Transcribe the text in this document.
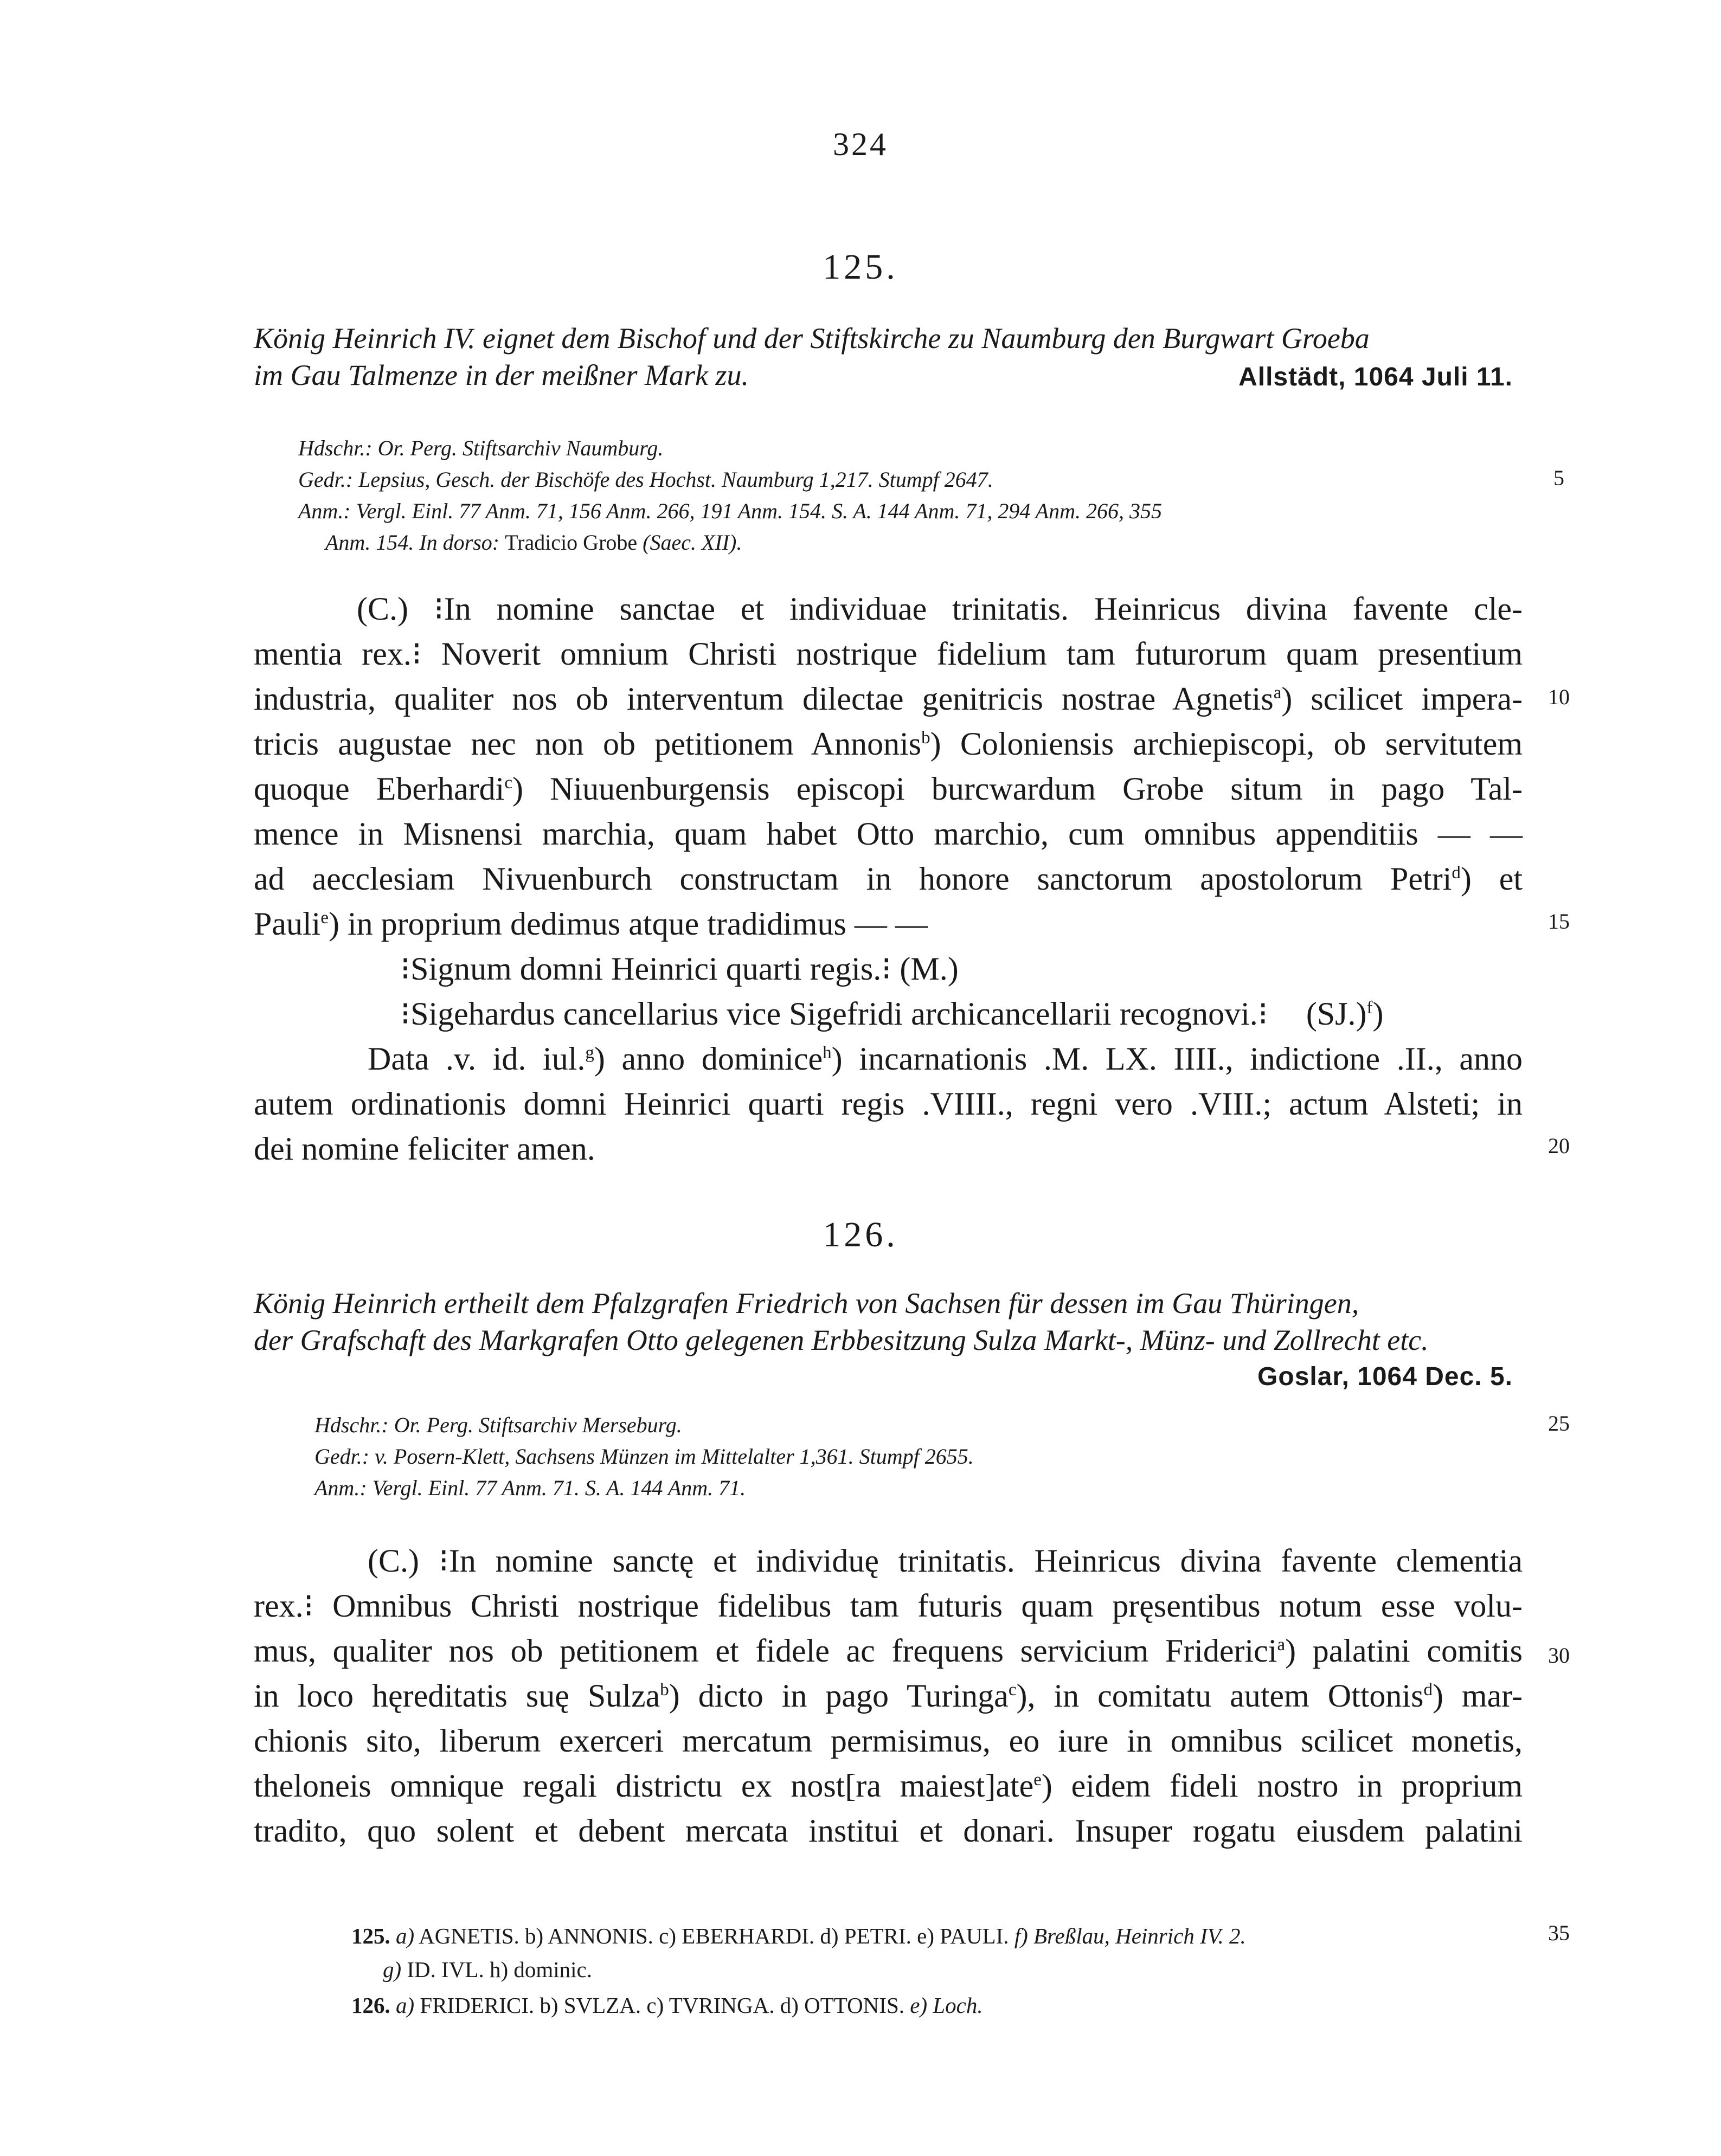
324
125.
König Heinrich IV. eignet dem Bischof und der Stiftskirche zu Naumburg den Burgwart Groeba
im Gau Talmenze in der meißner Mark zu.	Allstädt, 1064 Juli 11.
Hdschr.: Or. Perg. Stiftsarchiv Naumburg.
Gedr.: Lepsius, Gesch. der Bischöfe des Hochst. Naumburg 1,217. Stumpf 2647.
Anm.: Vergl. Einl. 77 Anm. 71, 156 Anm. 266, 191 Anm. 154. S. A. 144 Anm. 71, 294 Anm. 266, 355
Anm. 154. In dorso: Tradicio Grobe (Saec. XII).
5
(C.) ⁝In nomine sanctae et individuae trinitatis. Heinricus divina favente cle-
mentia rex.⁝ Noverit omnium Christi nostrique fidelium tam futurorum quam presentium
industria, qualiter nos ob interventum dilectae genitricis nostrae Agnetis$^a$) scilicet impera-
tricis augustae nec non ob petitionem Annonis$^b$) Coloniensis archiepiscopi, ob servitutem
quoque Eberhardi$^c$) Niuuenburgensis episcopi burcwardum Grobe situm in pago Tal-
mence in Misnensi marchia, quam habet Otto marchio, cum omnibus appenditiis — —
ad aecclesiam Nivuenburch constructam in honore sanctorum apostolorum Petri$^d$) et
Pauli$^e$) in proprium dedimus atque tradidimus — —
⁝Signum domni Heinrici quarti regis.⁝ (M.)
⁝Sigehardus cancellarius vice Sigefridi archicancellarii recognovi.⁝ $(SJ.)^f$)
Data .v. id. iul.$^g$) anno dominice$^h$) incarnationis .M. LX. IIII., indictione .II., anno
autem ordinationis domni Heinrici quarti regis .VIIII., regni vero .VIII.; actum Alsteti; in
dei nomine feliciter amen.
10
15
20
126.
König Heinrich ertheilt dem Pfalzgrafen Friedrich von Sachsen für dessen im Gau Thüringen,
der Grafschaft des Markgrafen Otto gelegenen Erbbesitzung Sulza Markt-, Münz- und Zollrecht etc.
Goslar, 1064 Dec. 5.
Hdschr.: Or. Perg. Stiftsarchiv Merseburg.
Gedr.: v. Posern-Klett, Sachsens Münzen im Mittelalter 1,361. Stumpf 2655.
Anm.: Vergl. Einl. 77 Anm. 71. S. A. 144 Anm. 71.
25
(C.) ⁝In nomine sanctę et individuę trinitatis. Heinricus divina favente clementia
rex.⁝ Omnibus Christi nostrique fidelibus tam futuris quam pręsentibus notum esse volu-
mus, qualiter nos ob petitionem et fidele ac frequens servicium Friderici$^a$) palatini comitis
in loco hęreditatis suę Sulza$^b$) dicto in pago Turinga$^c$), in comitatu autem Ottonis$^d$) mar-
chionis sito, liberum exerceri mercatum permisimus, eo iure in omnibus scilicet monetis,
theloneis omnique regali districtu ex nost[ra maiest]ate$^e$) eidem fideli nostro in proprium
tradito, quo solent et debent mercata institui et donari. Insuper rogatu eiusdem palatini
30
125. a) AGNETIS. b) ANNONIS. c) EBERHARDI. d) PETRI. e) PAULI. f) Breßlau, Heinrich IV. 2.
g) ID. IVL. h) dominic.
126. a) FRIDERICI. b) SVLZA. c) TVRINGA. d) OTTONIS. e) Loch.
35
